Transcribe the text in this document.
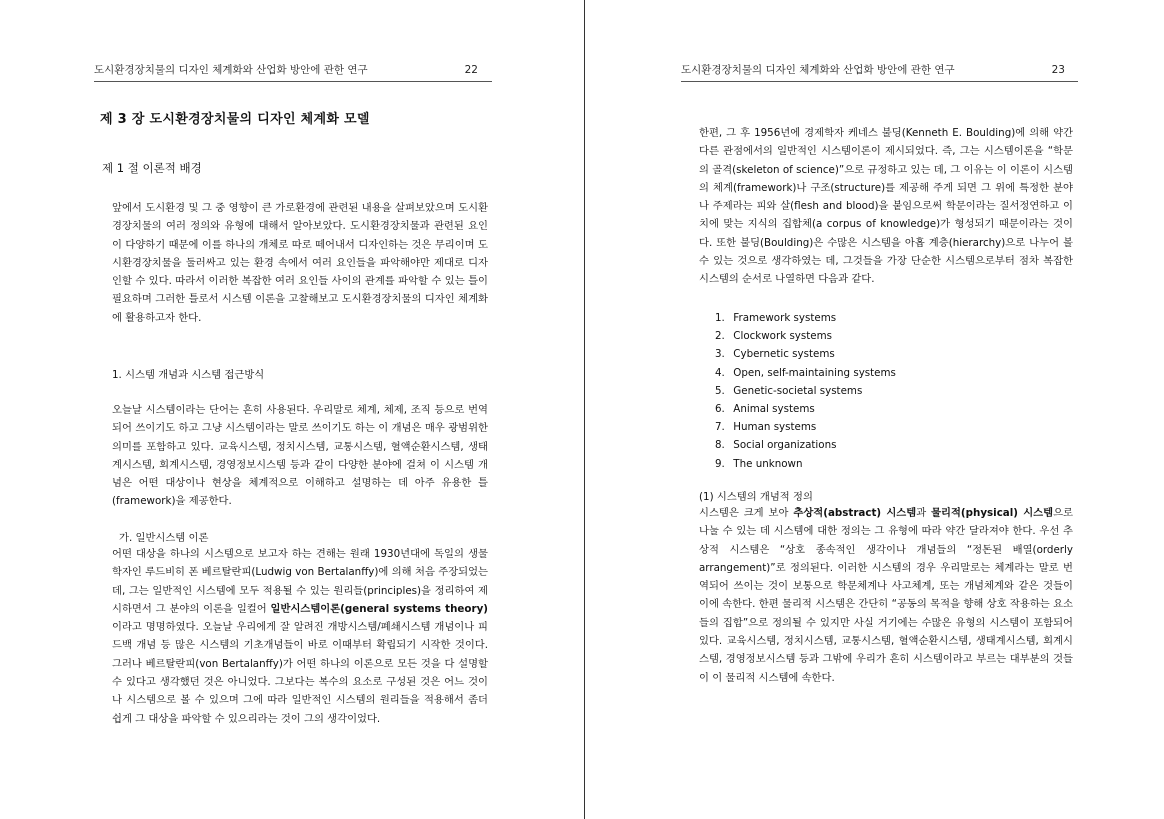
도시환경장치물의 디자인 체계화와 산업화 방안에 관한 연구	22
제 3 장 도시환경장치물의 디자인 체계화 모델
제 1 절 이론적 배경

앞에서 도시환경 및 그 중 영향이 큰 가로환경에 관련된 내용을 살펴보았으며 도시환경장치물의 여러 정의와 유형에 대해서 알아보았다. 도시환경장치물과 관련된 요인이 다양하기 때문에 이를 하나의 개체로 따로 떼어내서 디자인하는 것은 무리이며 도시환경장치물을 둘러싸고 있는 환경 속에서 여러 요인들을 파악해야만 제대로 디자인할 수 있다. 따라서 이러한 복잡한 여러 요인들 사이의 관계를 파악할 수 있는 틀이 필요하며 그러한 틀로서 시스템 이론을 고찰해보고 도시환경장치물의 디자인 체계화에 활용하고자 한다.

1. 시스템 개념과 시스템 접근방식

오늘날 시스템이라는 단어는 흔히 사용된다. 우리말로 체계, 체제, 조직 등으로 번역되어 쓰이기도 하고 그냥 시스템이라는 말로 쓰이기도 하는 이 개념은 매우 광범위한 의미를 포함하고 있다. 교육시스템, 정치시스템, 교통시스템, 혈액순환시스템, 생태계시스템, 회계시스템, 경영정보시스템 등과 같이 다양한 분야에 걸쳐 이 시스템 개념은 어떤 대상이나 현상을 체계적으로 이해하고 설명하는 데 아주 유용한 틀(framework)을 제공한다.

가. 일반시스템 이론

어떤 대상을 하나의 시스템으로 보고자 하는 견해는 원래 1930년대에 독일의 생물학자인 루드비히 폰 베르탈란피(Ludwig von Bertalanffy)에 의해 처음 주장되었는 데, 그는 일반적인 시스템에 모두 적용될 수 있는 원리들(principles)을 정리하여 제시하면서 그 분야의 이론을 일컬어 일반시스템이론(general systems theory)이라고 명명하였다. 오늘날 우리에게 잘 알려진 개방시스템/폐쇄시스템 개념이나 피드백 개념 등 많은 시스템의 기초개념들이 바로 이때부터 확립되기 시작한 것이다. 그러나 베르탈란피(von Bertalanffy)가 어떤 하나의 이론으로 모든 것을 다 설명할 수 있다고 생각했던 것은 아니었다. 그보다는 복수의 요소로 구성된 것은 어느 것이나 시스템으로 볼 수 있으며 그에 따라 일반적인 시스템의 원리들을 적용해서 좀더 쉽게 그 대상을 파악할 수 있으리라는 것이 그의 생각이었다.

도시환경장치물의 디자인 체계화와 산업화 방안에 관한 연구	23

한편, 그 후 1956년에 경제학자 케네스 불딩(Kenneth E. Boulding)에 의해 약간 다른 관점에서의 일반적인 시스템이론이 제시되었다. 즉, 그는 시스템이론을 “학문의 골격(skeleton of science)”으로 규정하고 있는 데, 그 이유는 이 이론이 시스템의 체계(framework)나 구조(structure)를 제공해 주게 되면 그 위에 특정한 분야나 주제라는 피와 살(flesh and blood)을 붙임으로써 학문이라는 질서정연하고 이치에 맞는 지식의 집합체(a corpus of knowledge)가 형성되기 때문이라는 것이다. 또한 불딩(Boulding)은 수많은 시스템을 아홉 계층(hierarchy)으로 나누어 볼 수 있는 것으로 생각하였는 데, 그것들을 가장 단순한 시스템으로부터 점차 복잡한 시스템의 순서로 나열하면 다음과 같다.

1.
Framework systems
2.
Clockwork systems
3.
Cybernetic systems
4.
Open, self-maintaining systems
5.
Genetic-societal systems
6.
Animal systems
7.
Human systems
8.
Social organizations
9.
The unknown
(1) 시스템의 개념적 정의

시스템은 크게 보아 추상적(abstract) 시스템과 물리적(physical) 시스템으로 나눌 수 있는 데 시스템에 대한 정의는 그 유형에 따라 약간 달라져야 한다. 우선 추상적 시스템은 “상호 종속적인 생각이나 개념들의 “정돈된 배열(orderly arrangement)”로 정의된다. 이러한 시스템의 경우 우리말로는 체계라는 말로 번역되어 쓰이는 것이 보통으로 학문체계나 사고체계, 또는 개념체계와 같은 것들이 이에 속한다. 한편 물리적 시스템은 간단히 “공동의 목적을 향해 상호 작용하는 요소들의 집합”으로 정의될 수 있지만 사실 거기에는 수많은 유형의 시스템이 포함되어 있다. 교육시스템, 정치시스템, 교통시스템, 혈액순환시스템, 생태계시스템, 회계시스템, 경영정보시스템 등과 그밖에 우리가 흔히 시스템이라고 부르는 대부분의 것들이 이 물리적 시스템에 속한다.
